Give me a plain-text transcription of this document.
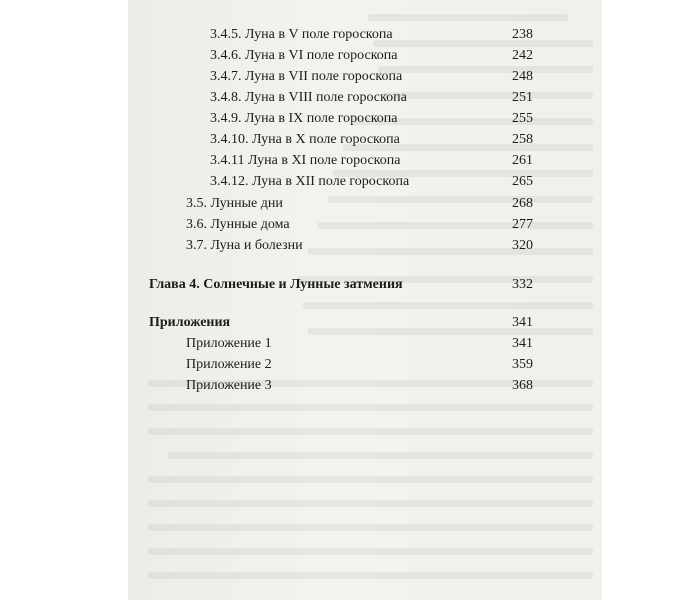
3.4.5. Луна в V поле гороскопа	238
3.4.6. Луна в VI поле гороскопа	242
3.4.7. Луна в VII поле гороскопа	248
3.4.8. Луна в VIII поле гороскопа	251
3.4.9. Луна в IX поле гороскопа	255
3.4.10. Луна в X поле гороскопа	258
3.4.11 Луна в XI поле гороскопа	261
3.4.12. Луна в XII поле гороскопа	265
3.5. Лунные дни	268
3.6. Лунные дома	277
3.7. Луна и болезни	320
Глава 4. Солнечные и Лунные затмения	332
Приложения	341
Приложение 1	341
Приложение 2	359
Приложение 3	368
